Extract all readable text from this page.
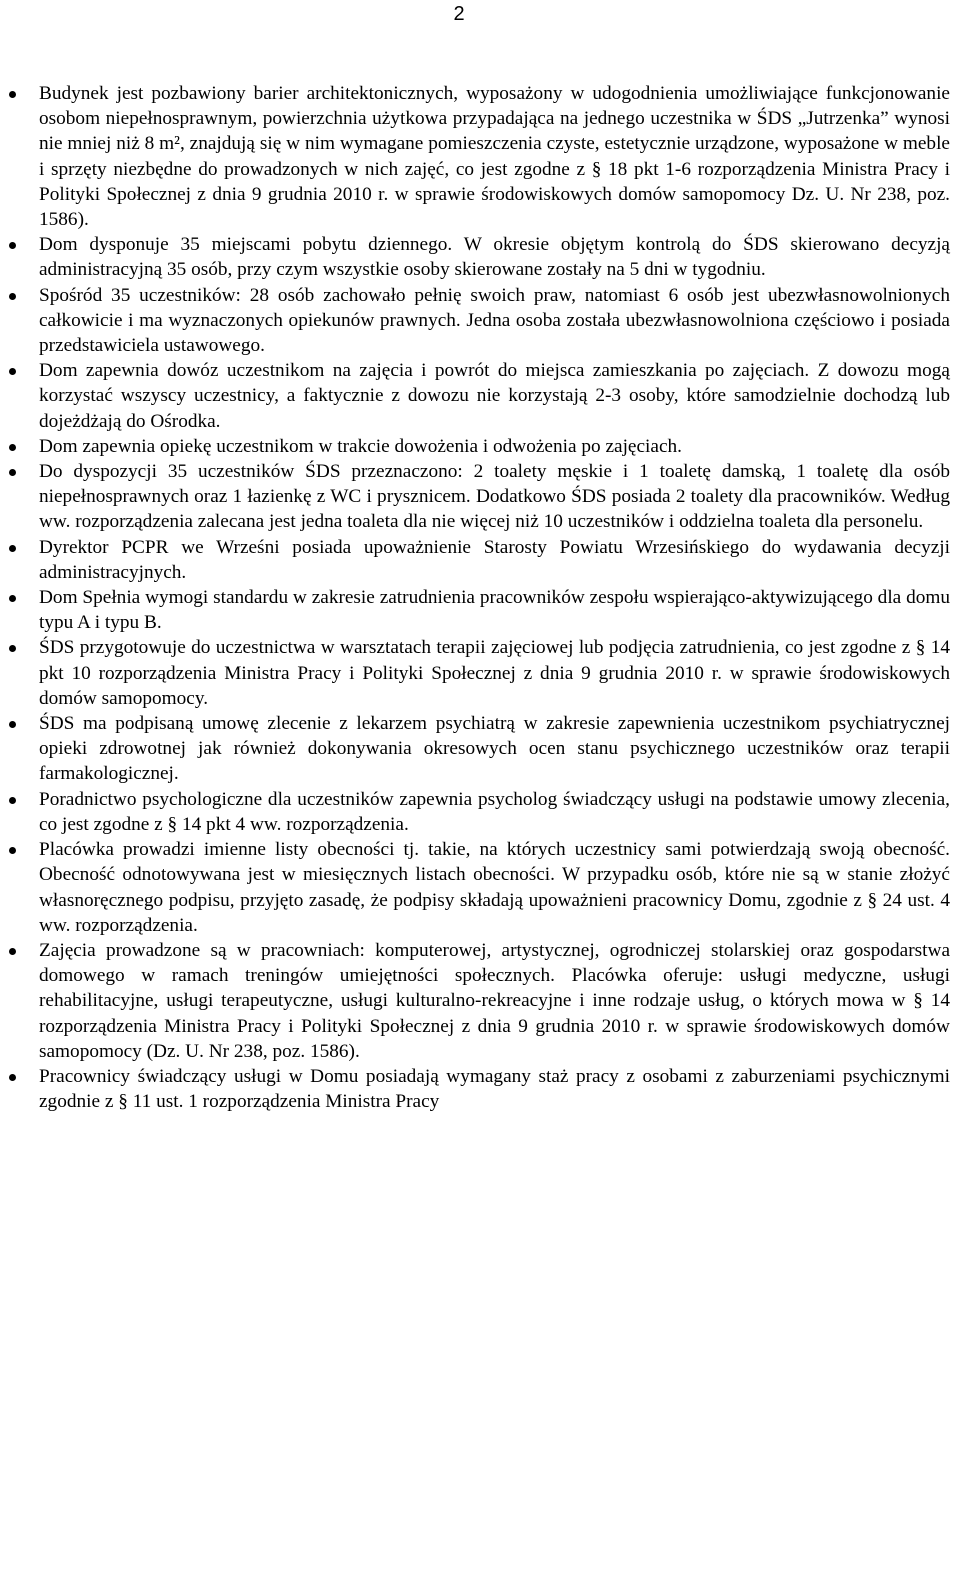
2
Budynek jest pozbawiony barier architektonicznych, wyposażony w udogodnienia umożliwiające funkcjonowanie osobom niepełnosprawnym, powierzchnia użytkowa przypadająca na jednego uczestnika w ŚDS „Jutrzenka” wynosi nie mniej niż 8 m², znajdują się w nim wymagane pomieszczenia czyste, estetycznie urządzone, wyposażone w meble i sprzęty niezbędne do prowadzonych w nich zajęć, co jest zgodne z § 18 pkt 1-6 rozporządzenia Ministra Pracy i Polityki Społecznej z dnia 9 grudnia 2010 r. w sprawie środowiskowych domów samopomocy Dz. U. Nr 238, poz. 1586).
Dom dysponuje 35 miejscami pobytu dziennego. W okresie objętym kontrolą do ŚDS skierowano decyzją administracyjną 35 osób, przy czym wszystkie osoby skierowane zostały na 5 dni w tygodniu.
Spośród 35 uczestników: 28 osób zachowało pełnię swoich praw, natomiast 6 osób jest ubezwłasnowolnionych całkowicie i ma wyznaczonych opiekunów prawnych. Jedna osoba została ubezwłasnowolniona częściowo i posiada przedstawiciela ustawowego.
Dom zapewnia dowóz uczestnikom na zajęcia i powrót do miejsca zamieszkania po zajęciach. Z dowozu mogą korzystać wszyscy uczestnicy, a faktycznie z dowozu nie korzystają 2-3 osoby, które samodzielnie dochodzą lub dojeżdżają do Ośrodka.
Dom zapewnia opiekę uczestnikom w trakcie dowożenia i odwożenia po zajęciach.
Do dyspozycji 35 uczestników ŚDS przeznaczono: 2 toalety męskie i 1 toaletę damską, 1 toaletę dla osób niepełnosprawnych oraz 1 łazienkę z WC i prysznicem. Dodatkowo ŚDS posiada 2 toalety dla pracowników. Według ww. rozporządzenia zalecana jest jedna toaleta dla nie więcej niż 10 uczestników i oddzielna toaleta dla personelu.
Dyrektor PCPR we Wrześni posiada upoważnienie Starosty Powiatu Wrzesińskiego do wydawania decyzji administracyjnych.
Dom Spełnia wymogi standardu w zakresie zatrudnienia pracowników zespołu wspierająco-aktywizującego dla domu typu A i typu B.
ŚDS przygotowuje do uczestnictwa w warsztatach terapii zajęciowej lub podjęcia zatrudnienia, co jest zgodne z § 14 pkt 10 rozporządzenia Ministra Pracy i Polityki Społecznej z dnia 9 grudnia 2010 r. w sprawie środowiskowych domów samopomocy.
ŚDS ma podpisaną umowę zlecenie z lekarzem psychiatrą w zakresie zapewnienia uczestnikom psychiatrycznej opieki zdrowotnej jak również dokonywania okresowych ocen stanu psychicznego uczestników oraz terapii farmakologicznej.
Poradnictwo psychologiczne dla uczestników zapewnia psycholog świadczący usługi na podstawie umowy zlecenia, co jest zgodne z § 14 pkt 4 ww. rozporządzenia.
Placówka prowadzi imienne listy obecności tj. takie, na których uczestnicy sami potwierdzają swoją obecność. Obecność odnotowywana jest w miesięcznych listach obecności. W przypadku osób, które nie są w stanie złożyć własnoręcznego podpisu, przyjęto zasadę, że podpisy składają upoważnieni pracownicy Domu, zgodnie z § 24 ust. 4 ww. rozporządzenia.
Zajęcia prowadzone są w pracowniach: komputerowej, artystycznej, ogrodniczej stolarskiej oraz gospodarstwa domowego w ramach treningów umiejętności społecznych. Placówka oferuje: usługi medyczne, usługi rehabilitacyjne, usługi terapeutyczne, usługi kulturalno-rekreacyjne i inne rodzaje usług, o których mowa w § 14 rozporządzenia Ministra Pracy i Polityki Społecznej z dnia 9 grudnia 2010 r. w sprawie środowiskowych domów samopomocy (Dz. U. Nr 238, poz. 1586).
Pracownicy świadczący usługi w Domu posiadają wymagany staż pracy z osobami z zaburzeniami psychicznymi zgodnie z § 11 ust. 1 rozporządzenia Ministra Pracy
